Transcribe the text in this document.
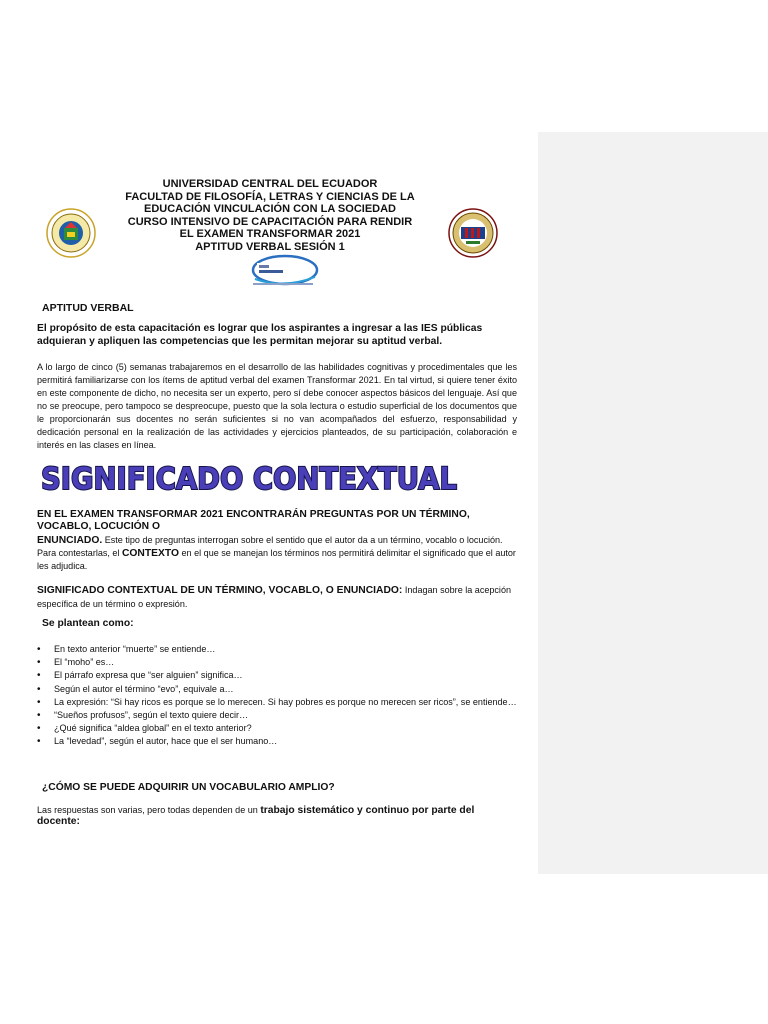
UNIVERSIDAD CENTRAL DEL ECUADOR
FACULTAD DE FILOSOFÍA, LETRAS Y CIENCIAS DE LA
EDUCACIÓN VINCULACIÓN CON LA SOCIEDAD
CURSO INTENSIVO DE CAPACITACIÓN PARA RENDIR
EL EXAMEN TRANSFORMAR 2021
APTITUD VERBAL SESIÓN 1
APTITUD VERBAL
El propósito de esta capacitación es lograr que los aspirantes a ingresar a las IES públicas adquieran y apliquen las competencias que les permitan mejorar su aptitud verbal.
A lo largo de cinco (5) semanas trabajaremos en el desarrollo de las habilidades cognitivas y procedimentales que les permitirá familiarizarse con los ítems de aptitud verbal del examen Transformar 2021. En tal virtud, si quiere tener éxito en este componente de dicho, no necesita ser un experto, pero sí debe conocer aspectos básicos del lenguaje. Así que no se preocupe, pero tampoco se despreocupe, puesto que la sola lectura o estudio superficial de los documentos que le proporcionarán sus docentes no serán suficientes si no van acompañados del esfuerzo, responsabilidad y dedicación personal en la realización de las actividades y ejercicios planteados, de su participación, colaboración e interés en las clases en línea.
SIGNIFICADO CONTEXTUAL
EN EL EXAMEN TRANSFORMAR 2021 ENCONTRARÁN PREGUNTAS POR UN TÉRMINO, VOCABLO, LOCUCIÓN O
ENUNCIADO. Este tipo de preguntas interrogan sobre el sentido que el autor da a un término, vocablo o locución. Para contestarlas, el CONTEXTO en el que se manejan los términos nos permitirá delimitar el significado que el autor les adjudica.
SIGNIFICADO CONTEXTUAL DE UN TÉRMINO, VOCABLO, O ENUNCIADO: Indagan sobre la acepción específica de un término o expresión.
Se plantean como:
• En texto anterior “muerte” se entiende…
• El “moho” es…
• El párrafo expresa que “ser alguien” significa…
• Según el autor el término “evo”, equivale a…
• La expresión: “Si hay ricos es porque se lo merecen. Si hay pobres es porque no merecen ser ricos”, se entiende…
• “Sueños profusos”, según el texto quiere decir…
• ¿Qué significa “aldea global” en el texto anterior?
• La “levedad”, según el autor, hace que el ser humano…
¿CÓMO SE PUEDE ADQUIRIR UN VOCABULARIO AMPLIO?
Las respuestas son varias, pero todas dependen de un trabajo sistemático y continuo por parte del docente:
